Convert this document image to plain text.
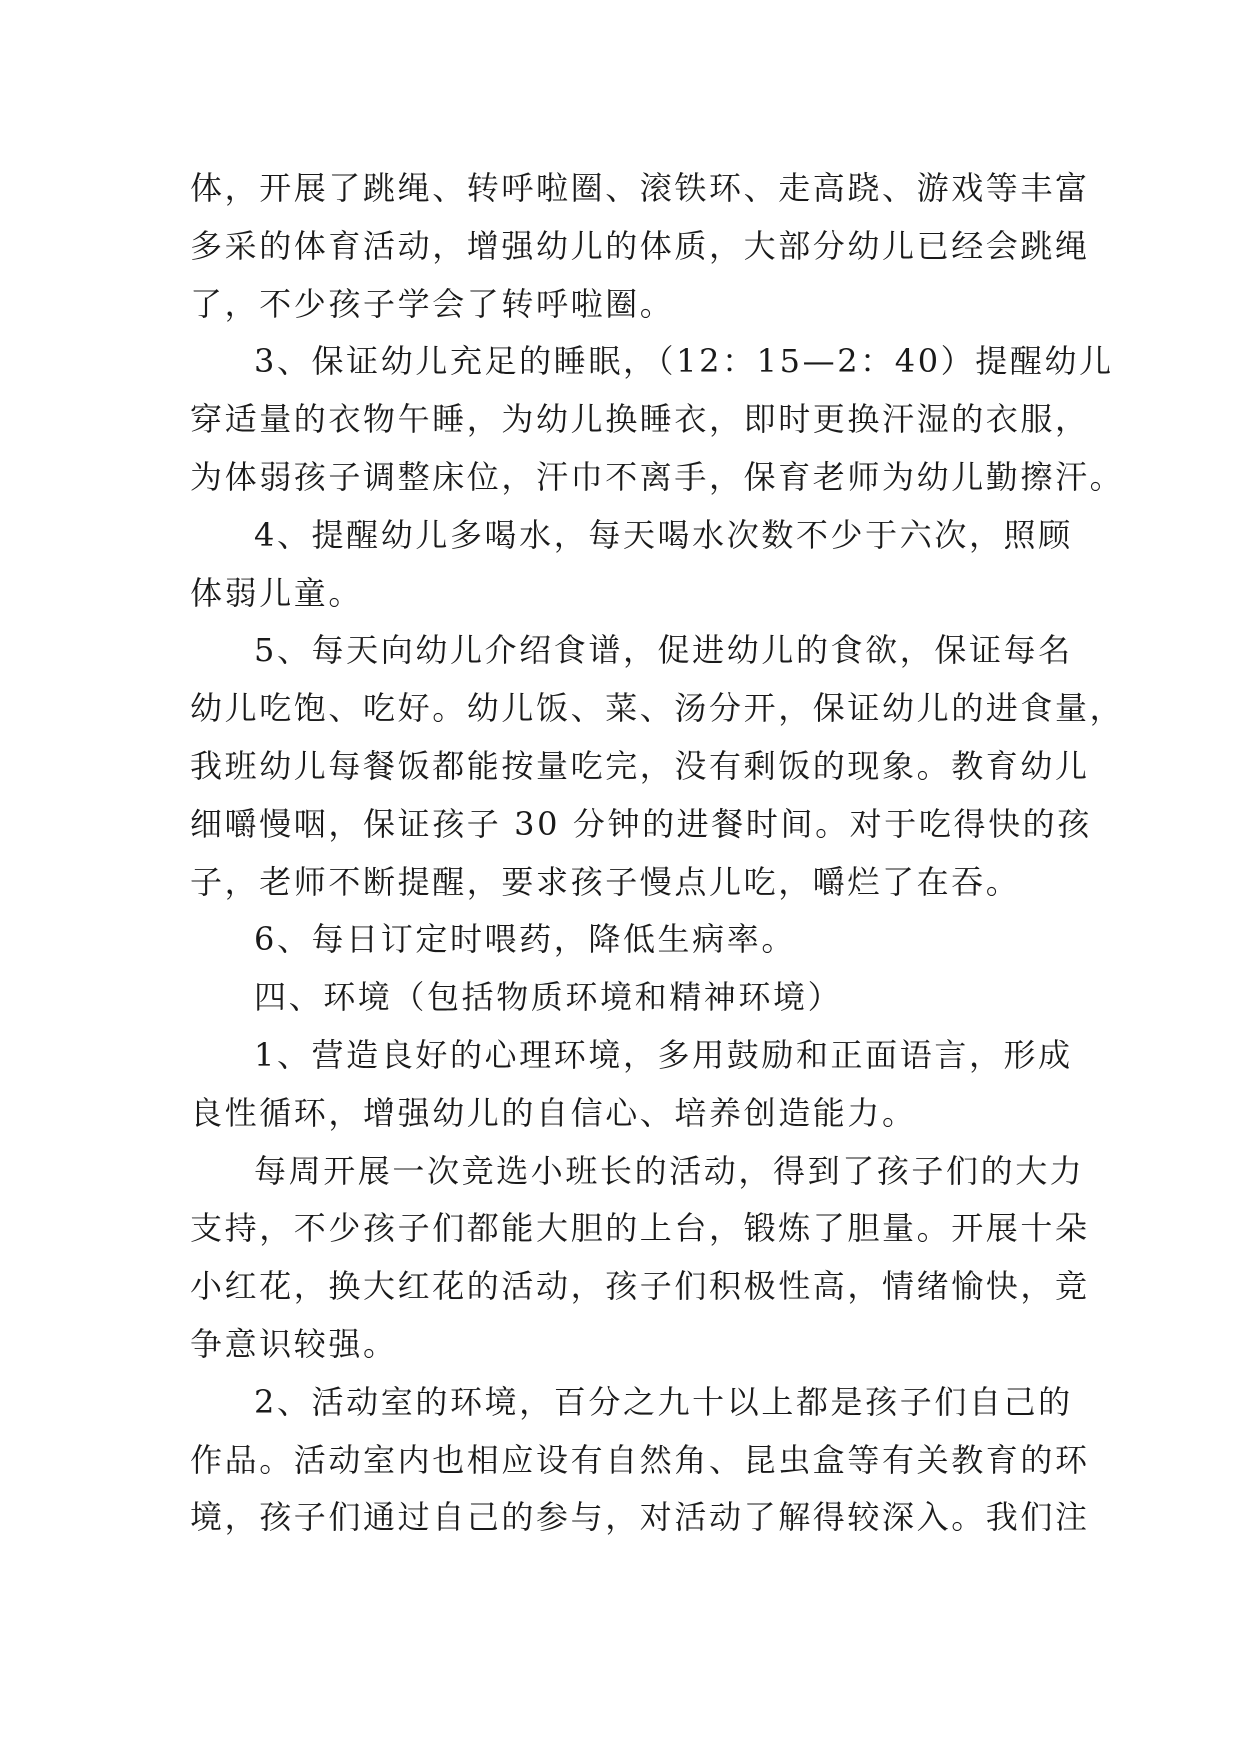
体，开展了跳绳、转呼啦圈、滚铁环、走高跷、游戏等丰富
多采的体育活动，增强幼儿的体质，大部分幼儿已经会跳绳
了，不少孩子学会了转呼啦圈。
3、保证幼儿充足的睡眠，（12：15—2：40）提醒幼儿
穿适量的衣物午睡，为幼儿换睡衣，即时更换汗湿的衣服，
为体弱孩子调整床位，汗巾不离手，保育老师为幼儿勤擦汗。
4、提醒幼儿多喝水，每天喝水次数不少于六次，照顾
体弱儿童。
5、每天向幼儿介绍食谱，促进幼儿的食欲，保证每名
幼儿吃饱、吃好。幼儿饭、菜、汤分开，保证幼儿的进食量，
我班幼儿每餐饭都能按量吃完，没有剩饭的现象。教育幼儿
细嚼慢咽，保证孩子 30 分钟的进餐时间。对于吃得快的孩
子，老师不断提醒，要求孩子慢点儿吃，嚼烂了在吞。
6、每日订定时喂药，降低生病率。
四、环境（包括物质环境和精神环境）
1、营造良好的心理环境，多用鼓励和正面语言，形成
良性循环，增强幼儿的自信心、培养创造能力。
每周开展一次竞选小班长的活动，得到了孩子们的大力
支持，不少孩子们都能大胆的上台，锻炼了胆量。开展十朵
小红花，换大红花的活动，孩子们积极性高，情绪愉快，竞
争意识较强。
2、活动室的环境，百分之九十以上都是孩子们自己的
作品。活动室内也相应设有自然角、昆虫盒等有关教育的环
境，孩子们通过自己的参与，对活动了解得较深入。我们注
